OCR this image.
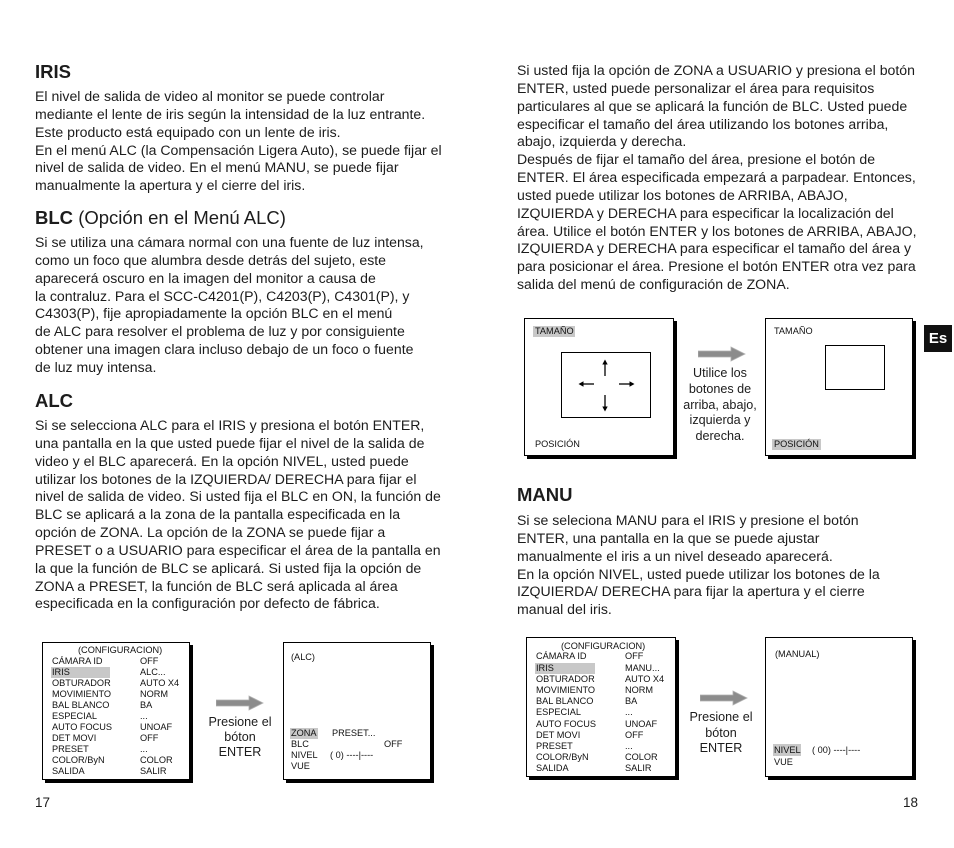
IRIS
El nivel de salida de video al monitor se puede controlar
mediante el lente de iris según la intensidad de la luz entrante.
Este producto está equipado con un lente de iris.
En el menú ALC (la Compensación Ligera Auto), se puede fijar el
nivel de salida de video. En el menú MANU, se puede fijar
manualmente la apertura y el cierre del iris.
BLC (Opción en el Menú ALC)
Si se utiliza una cámara normal con una fuente de luz intensa,
como un foco que alumbra desde detrás del sujeto, este
aparecerá oscuro en la imagen del monitor a causa de
la contraluz. Para el SCC-C4201(P), C4203(P), C4301(P), y
C4303(P), fije apropiadamente la opción BLC en el menú
de ALC para resolver el problema de luz y por consiguiente
obtener una imagen clara incluso debajo de un foco o fuente
de luz muy intensa.
ALC
Si se selecciona ALC para el IRIS y presiona el botón ENTER,
una pantalla en la que usted puede fijar el nivel de la salida de
video y el BLC aparecerá. En la opción NIVEL, usted puede
utilizar los botones de la IZQUIERDA/ DERECHA para fijar el
nivel de salida de video. Si usted fija el BLC en ON, la función de
BLC se aplicará a la zona de la pantalla especificada en la
opción de ZONA. La opción de la ZONA se puede fijar a
PRESET o a USUARIO para especificar el área de la pantalla en
la que la función de BLC se aplicará. Si usted fija la opción de
ZONA a PRESET, la función de BLC será aplicada al área
especificada en la configuración por defecto de fábrica.
(CONFIGURACION)
CÁMARA ID	OFF
IRIS	ALC...
OBTURADOR	AUTO X4
MOVIMIENTO	NORM
BAL BLANCO	BA
ESPECIAL	...
AUTO FOCUS	UNOAF
DET MOVI	OFF
PRESET	...
COLOR/ByN	COLOR
SALIDA	SALIR
Presione el
bóton
ENTER
(ALC)
ZONA PRESET...
BLC	OFF
NIVEL ( 0) ----|----
VUE
17
Si usted fija la opción de ZONA a USUARIO y presiona el botón
ENTER, usted puede personalizar el área para requisitos
particulares al que se aplicará la función de BLC. Usted puede
especificar el tamaño del área utilizando los botones arriba,
abajo, izquierda y derecha.
Después de fijar el tamaño del área, presione el botón de
ENTER. El área especificada empezará a parpadear. Entonces,
usted puede utilizar los botones de ARRIBA, ABAJO,
IZQUIERDA y DERECHA para especificar la localización del
área. Utilice el botón ENTER y los botones de ARRIBA, ABAJO,
IZQUIERDA y DERECHA para especificar el tamaño del área y
para posicionar el área. Presione el botón ENTER otra vez para
salida del menú de configuración de ZONA.
TAMAÑO
POSICIÓN
Utilice los
botones de
arriba, abajo,
izquierda y
derecha.
TAMAÑO
POSICIÓN
Es
MANU
Si se seleciona MANU para el IRIS y presione el botón
ENTER, una pantalla en la que se puede ajustar
manualmente el iris a un nivel deseado aparecerá.
En la opción NIVEL, usted puede utilizar los botones de la
IZQUIERDA/ DERECHA para fijar la apertura y el cierre
manual del iris.
(CONFIGURACION)
CÁMARA ID	OFF
IRIS	MANU...
OBTURADOR	AUTO X4
MOVIMIENTO	NORM
BAL BLANCO	BA
ESPECIAL	...
AUTO FOCUS	UNOAF
DET MOVI	OFF
PRESET	...
COLOR/ByN	COLOR
SALIDA	SALIR
Presione el
bóton
ENTER
(MANUAL)
NIVEL ( 00) ----|----
VUE
18
